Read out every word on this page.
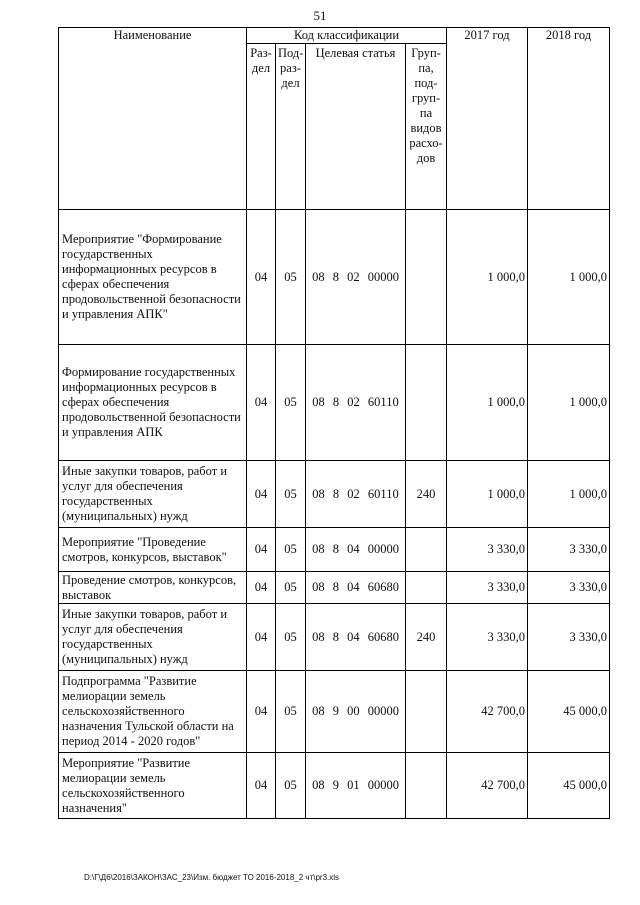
51
Наименование	Код классификации				2017 год	2018 год
	Раз-дел	Под-раз-дел	Целевая статья	Груп-па, под-груп-па видов расхо-дов		
Мероприятие "Формирование государственных информационных ресурсов в сферах обеспечения продовольственной безопасности и управления АПК"	04	05	08 8 02 00000		1 000,0	1 000,0
Формирование государственных информационных ресурсов в сферах обеспечения продовольственной безопасности и управления АПК	04	05	08 8 02 60110		1 000,0	1 000,0
Иные закупки товаров, работ и услуг для обеспечения государственных (муниципальных) нужд	04	05	08 8 02 60110	240	1 000,0	1 000,0
Мероприятие "Проведение смотров, конкурсов, выставок"	04	05	08 8 04 00000		3 330,0	3 330,0
Проведение смотров, конкурсов, выставок	04	05	08 8 04 60680		3 330,0	3 330,0
Иные закупки товаров, работ и услуг для обеспечения государственных (муниципальных) нужд	04	05	08 8 04 60680	240	3 330,0	3 330,0
Подпрограмма "Развитие мелиорации земель сельскохозяйственного назначения Тульской области на период 2014 - 2020 годов"	04	05	08 9 00 00000		42 700,0	45 000,0
Мероприятие "Развитие мелиорации земель сельскохозяйственного назначения"	04	05	08 9 01 00000		42 700,0	45 000,0
D:\Г\Д6\2016\ЗАКОН\ЗАС_23\Изм. бюджет ТО 2016-2018_2 чт\pr3.xls
